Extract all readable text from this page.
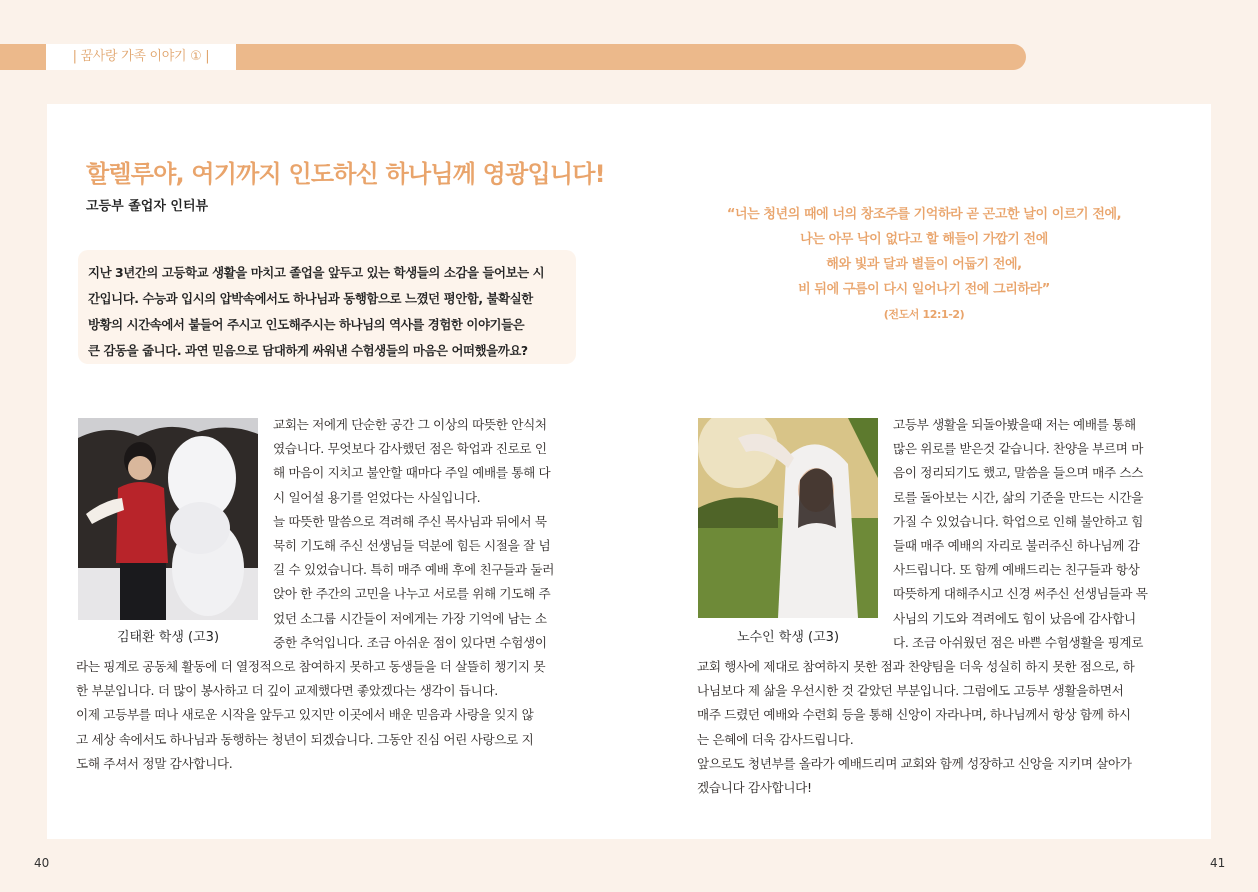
| 꿈사랑 가족 이야기 ① |
할렐루야, 여기까지 인도하신 하나님께 영광입니다!
고등부 졸업자 인터뷰
지난 3년간의 고등학교 생활을 마치고 졸업을 앞두고 있는 학생들의 소감을 들어보는 시
간입니다. 수능과 입시의 압박속에서도 하나님과 동행함으로 느꼈던 평안함, 불확실한
방황의 시간속에서 붙들어 주시고 인도해주시는 하나님의 역사를 경험한 이야기들은
큰 감동을 줍니다. 과연 믿음으로 담대하게 싸워낸 수험생들의 마음은 어떠했을까요?
“너는 청년의 때에 너의 창조주를 기억하라 곧 곤고한 날이 이르기 전에,
나는 아무 낙이 없다고 할 해들이 가깝기 전에
해와 빛과 달과 별들이 어둡기 전에,
비 뒤에 구름이 다시 일어나기 전에 그리하라”
(전도서 12:1-2)
김태환 학생 (고3)
교회는 저에게 단순한 공간 그 이상의 따뜻한 안식처
였습니다. 무엇보다 감사했던 점은 학업과 진로로 인
해 마음이 지치고 불안할 때마다 주일 예배를 통해 다
시 일어설 용기를 얻었다는 사실입니다.
늘 따뜻한 말씀으로 격려해 주신 목사님과 뒤에서 묵
묵히 기도해 주신 선생님들 덕분에 힘든 시절을 잘 넘
길 수 있었습니다. 특히 매주 예배 후에 친구들과 둘러
앉아 한 주간의 고민을 나누고 서로를 위해 기도해 주
었던 소그룹 시간들이 저에게는 가장 기억에 남는 소
중한 추억입니다. 조금 아쉬운 점이 있다면 수험생이
라는 핑계로 공동체 활동에 더 열정적으로 참여하지 못하고 동생들을 더 살뜰히 챙기지 못
한 부분입니다. 더 많이 봉사하고 더 깊이 교제했다면 좋았겠다는 생각이 듭니다.
이제 고등부를 떠나 새로운 시작을 앞두고 있지만 이곳에서 배운 믿음과 사랑을 잊지 않
고 세상 속에서도 하나님과 동행하는 청년이 되겠습니다. 그동안 진심 어린 사랑으로 지
도해 주셔서 정말 감사합니다.
노수인 학생 (고3)
고등부 생활을 되돌아봤을때 저는 예배를 통해
많은 위로를 받은것 같습니다. 찬양을 부르며 마
음이 정리되기도 했고, 말씀을 들으며 매주 스스
로를 돌아보는 시간, 삶의 기준을 만드는 시간을
가질 수 있었습니다. 학업으로 인해 불안하고 힘
들때 매주 예배의 자리로 불러주신 하나님께 감
사드립니다. 또 함께 예배드리는 친구들과 항상
따뜻하게 대해주시고 신경 써주신 선생님들과 목
사님의 기도와 격려에도 힘이 났음에 감사합니
다. 조금 아쉬웠던 점은 바쁜 수험생활을 핑계로
교회 행사에 제대로 참여하지 못한 점과 찬양팀을 더욱 성실히 하지 못한 점으로, 하
나님보다 제 삶을 우선시한 것 같았던 부분입니다. 그럼에도 고등부 생활을하면서
매주 드렸던 예배와 수련회 등을 통해 신앙이 자라나며, 하나님께서 항상 함께 하시
는 은혜에 더욱 감사드립니다.
앞으로도 청년부를 올라가 예배드리며 교회와 함께 성장하고 신앙을 지키며 살아가
겠습니다 감사합니다!
40	41
